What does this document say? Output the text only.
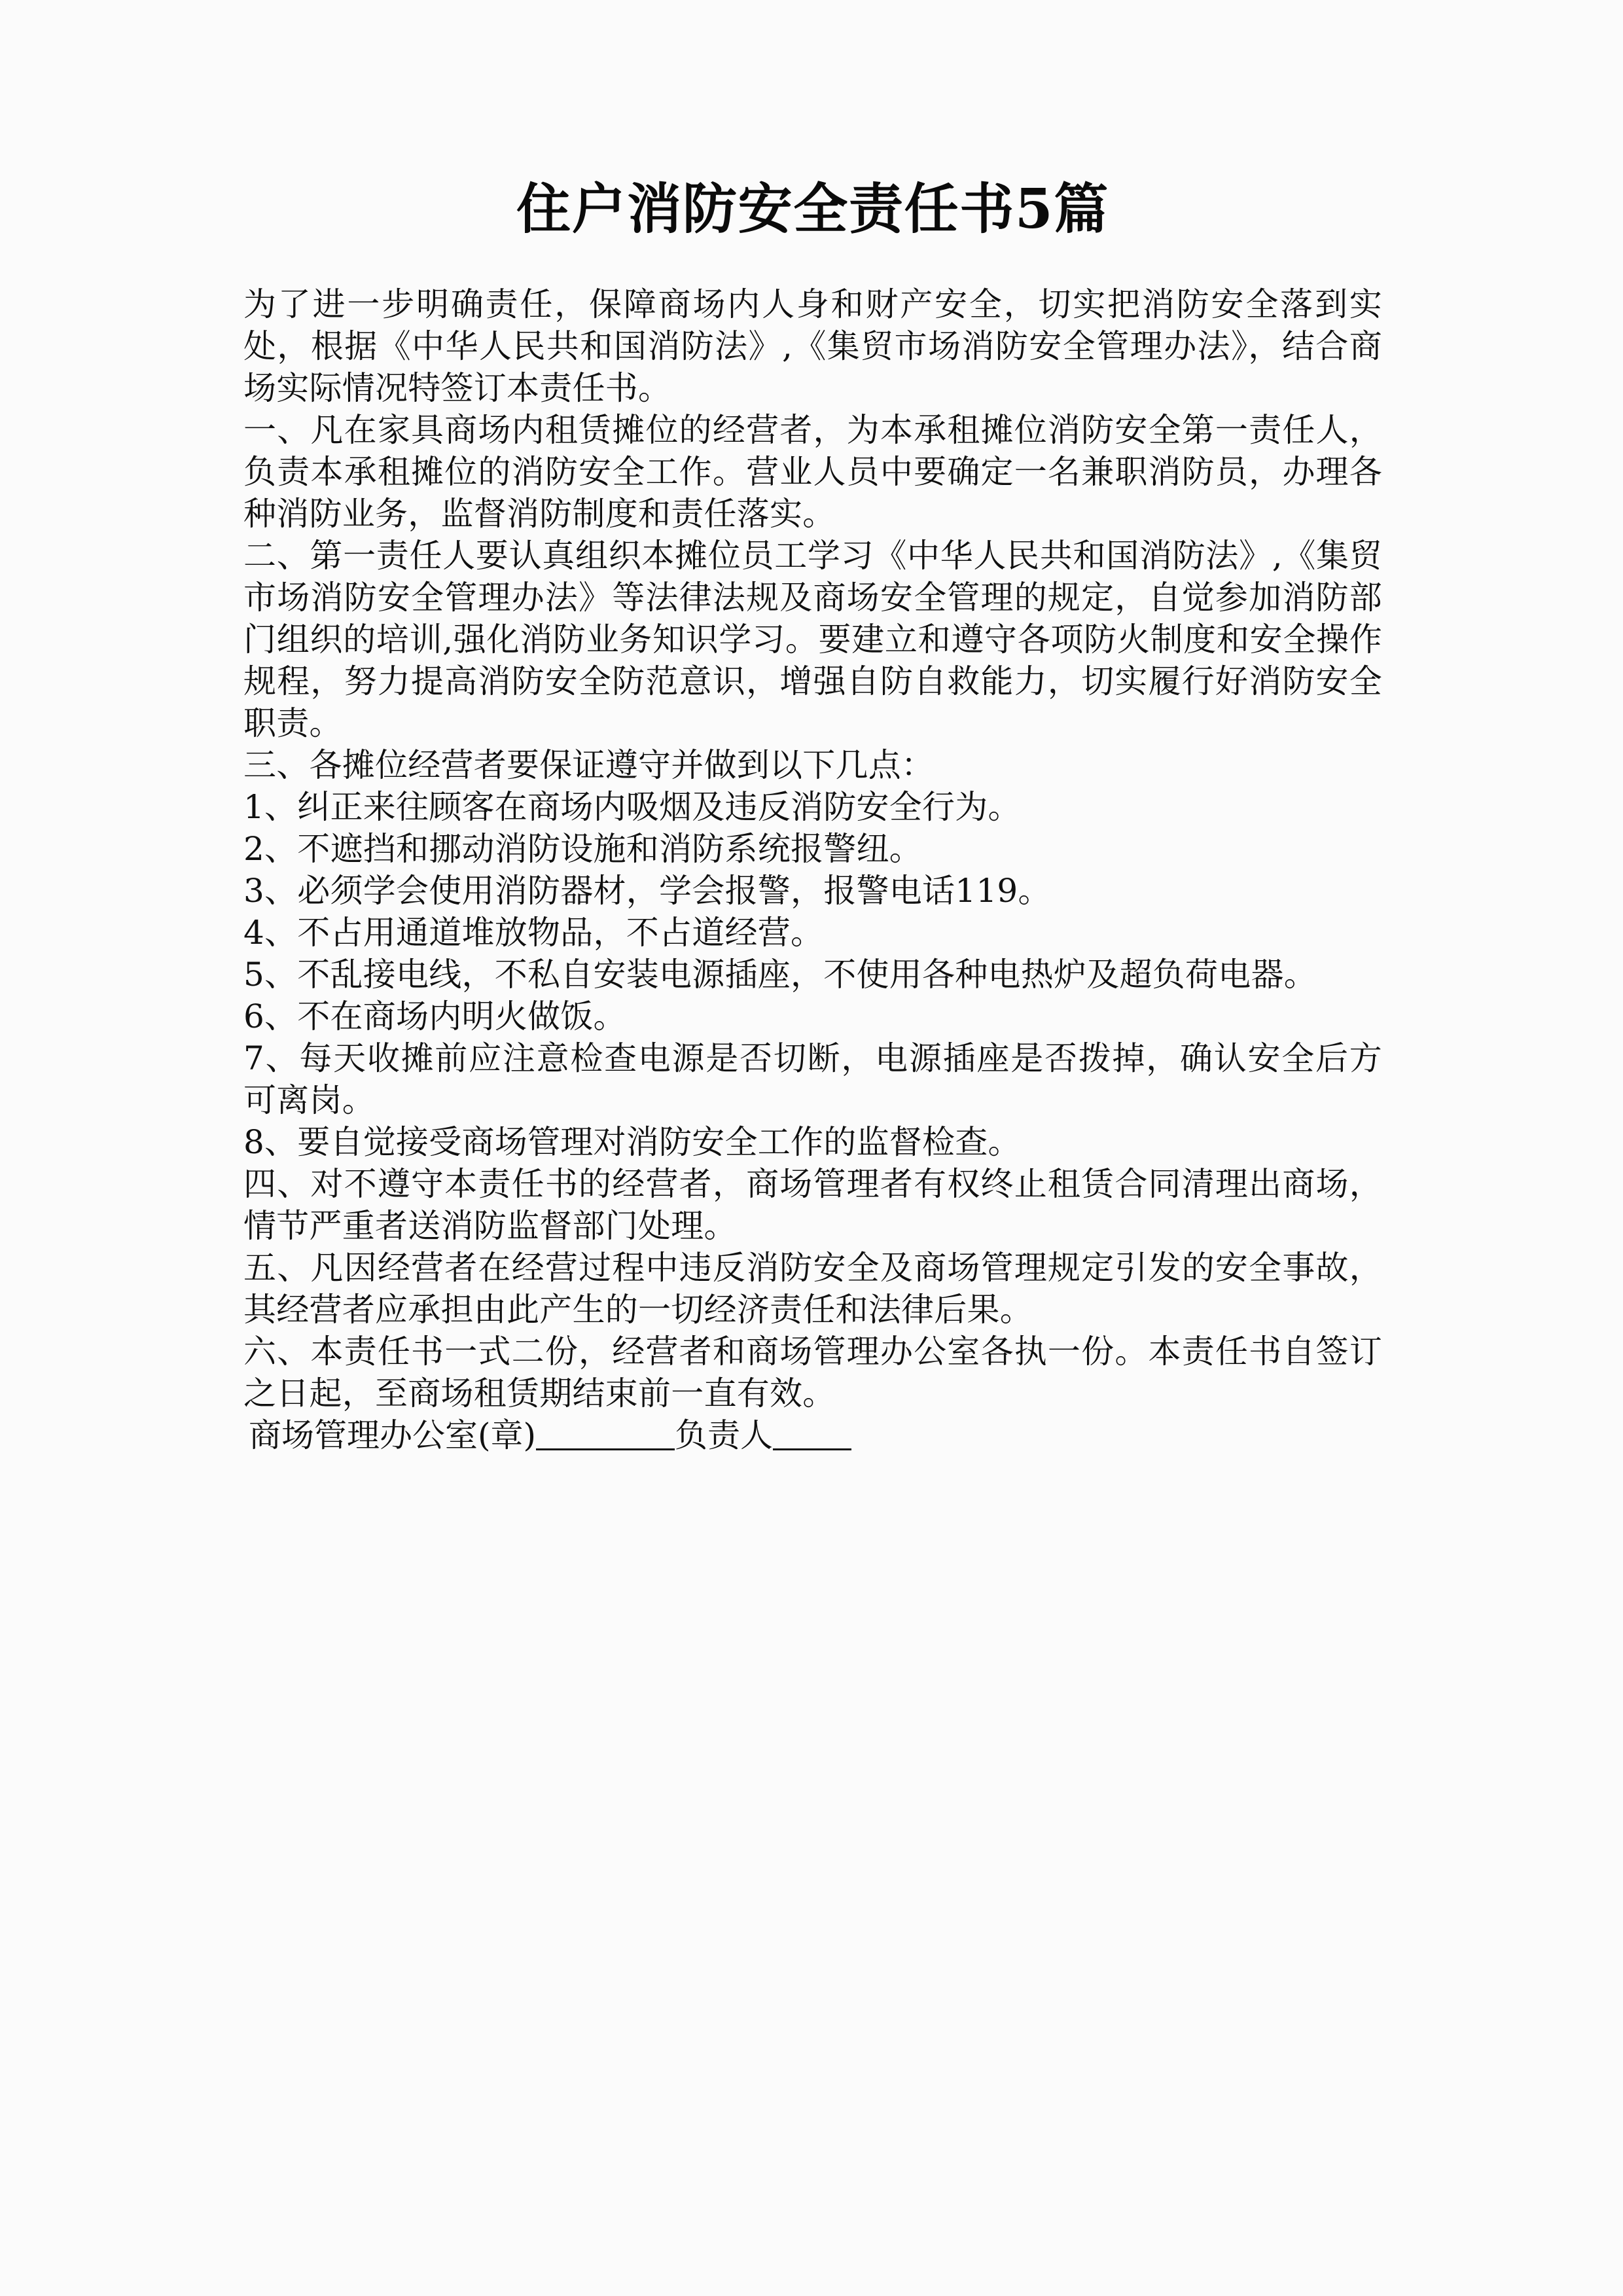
住户消防安全责任书5篇

为了进一步明确责任，保障商场内人身和财产安全，切实把消防安全落到实处，根据《中华人民共和国消防法》,《集贸市场消防安全管理办法》，结合商场实际情况特签订本责任书。

一、凡在家具商场内租赁摊位的经营者，为本承租摊位消防安全第一责任人，负责本承租摊位的消防安全工作。营业人员中要确定一名兼职消防员，办理各种消防业务，监督消防制度和责任落实。

二、第一责任人要认真组织本摊位员工学习《中华人民共和国消防法》,《集贸市场消防安全管理办法》等法律法规及商场安全管理的规定，自觉参加消防部门组织的培训,强化消防业务知识学习。要建立和遵守各项防火制度和安全操作规程，努力提高消防安全防范意识，增强自防自救能力，切实履行好消防安全职责。

三、各摊位经营者要保证遵守并做到以下几点：

1、纠正来往顾客在商场内吸烟及违反消防安全行为。

2、不遮挡和挪动消防设施和消防系统报警纽。

3、必须学会使用消防器材，学会报警，报警电话119。

4、不占用通道堆放物品，不占道经营。

5、不乱接电线，不私自安装电源插座，不使用各种电热炉及超负荷电器。

6、不在商场内明火做饭。

7、每天收摊前应注意检查电源是否切断，电源插座是否拨掉，确认安全后方可离岗。

8、要自觉接受商场管理对消防安全工作的监督检查。

四、对不遵守本责任书的经营者，商场管理者有权终止租赁合同清理出商场，情节严重者送消防监督部门处理。

五、凡因经营者在经营过程中违反消防安全及商场管理规定引发的安全事故，其经营者应承担由此产生的一切经济责任和法律后果。

六、本责任书一式二份，经营者和商场管理办公室各执一份。本责任书自签订之日起，至商场租赁期结束前一直有效。

商场管理办公室(章)	负责人
